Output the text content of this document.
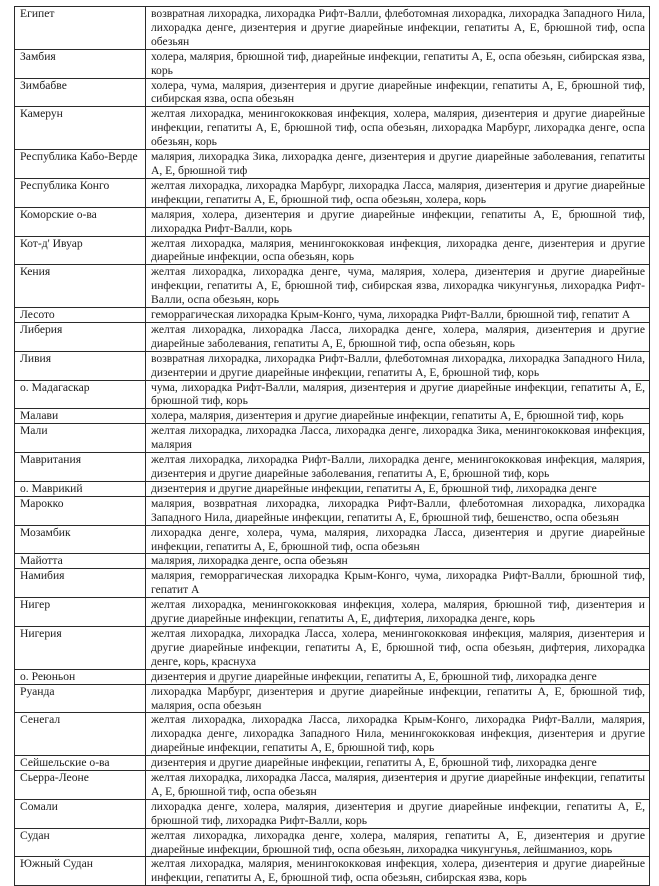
Египет	возвратная лихорадка, лихорадка Рифт-Валли, флеботомная лихорадка, лихорадка Западного Нила, лихорадка денге, дизентерия и другие диарейные инфекции, гепатиты А, Е, брюшной тиф, оспа обезьян
Замбия	холера, малярия, брюшной тиф, диарейные инфекции, гепатиты А, Е, оспа обезьян, сибирская язва, корь
Зимбабве	холера, чума, малярия, дизентерия и другие диарейные инфекции, гепатиты А, Е, брюшной тиф, сибирская язва, оспа обезьян
Камерун	желтая лихорадка, менингококковая инфекция, холера, малярия, дизентерия и другие диарейные инфекции, гепатиты А, Е, брюшной тиф, оспа обезьян, лихорадка Марбург, лихорадка денге, оспа обезьян, корь
Республика Кабо-Верде	малярия, лихорадка Зика, лихорадка денге, дизентерия и другие диарейные заболевания, гепатиты А, Е, брюшной тиф
Республика Конго	желтая лихорадка, лихорадка Марбург, лихорадка Ласса, малярия, дизентерия и другие диарейные инфекции, гепатиты А, Е, брюшной тиф, оспа обезьян, холера, корь
Коморские о-ва	малярия, холера, дизентерия и другие диарейные инфекции, гепатиты А, Е, брюшной тиф, лихорадка Рифт-Валли, корь
Кот-д' Ивуар	желтая лихорадка, малярия, менингококковая инфекция, лихорадка денге, дизентерия и другие диарейные инфекции, оспа обезьян, корь
Кения	желтая лихорадка, лихорадка денге, чума, малярия, холера, дизентерия и другие диарейные инфекции, гепатиты А, Е, брюшной тиф, сибирская язва, лихорадка чикунгунья, лихорадка Рифт-Валли, оспа обезьян, корь
Лесото	геморрагическая лихорадка Крым-Конго, чума, лихорадка Рифт-Валли, брюшной тиф, гепатит А
Либерия	желтая лихорадка, лихорадка Ласса, лихорадка денге, холера, малярия, дизентерия и другие диарейные заболевания, гепатиты А, Е, брюшной тиф, оспа обезьян, корь
Ливия	возвратная лихорадка, лихорадка Рифт-Валли, флеботомная лихорадка, лихорадка Западного Нила, дизентерии и другие диарейные инфекции, гепатиты А, Е, брюшной тиф, корь
о. Мадагаскар	чума, лихорадка Рифт-Валли, малярия, дизентерия и другие диарейные инфекции, гепатиты А, Е, брюшной тиф, корь
Малави	холера, малярия, дизентерия и другие диарейные инфекции, гепатиты А, Е, брюшной тиф, корь
Мали	желтая лихорадка, лихорадка Ласса, лихорадка денге, лихорадка Зика, менингококковая инфекция, малярия
Мавритания	желтая лихорадка, лихорадка Рифт-Валли, лихорадка денге, менингококковая инфекция, малярия, дизентерия и другие диарейные заболевания, гепатиты А, Е, брюшной тиф, корь
о. Маврикий	дизентерия и другие диарейные инфекции, гепатиты А, Е, брюшной тиф, лихорадка денге
Марокко	малярия, возвратная лихорадка, лихорадка Рифт-Валли, флеботомная лихорадка, лихорадка Западного Нила, диарейные инфекции, гепатиты А, Е, брюшной тиф, бешенство, оспа обезьян
Мозамбик	лихорадка денге, холера, чума, малярия, лихорадка Ласса, дизентерия и другие диарейные инфекции, гепатиты А, Е, брюшной тиф, оспа обезьян
Майотта	малярия, лихорадка денге, оспа обезьян
Намибия	малярия, геморрагическая лихорадка Крым-Конго, чума, лихорадка Рифт-Валли, брюшной тиф, гепатит А
Нигер	желтая лихорадка, менингококковая инфекция, холера, малярия, брюшной тиф, дизентерия и другие диарейные инфекции, гепатиты А, Е, дифтерия, лихорадка денге, корь
Нигерия	желтая лихорадка, лихорадка Ласса, холера, менингококковая инфекция, малярия, дизентерия и другие диарейные инфекции, гепатиты А, Е, брюшной тиф, оспа обезьян, дифтерия, лихорадка денге, корь, краснуха
о. Реюньон	дизентерия и другие диарейные инфекции, гепатиты А, Е, брюшной тиф, лихорадка денге
Руанда	лихорадка Марбург, дизентерия и другие диарейные инфекции, гепатиты А, Е, брюшной тиф, малярия, оспа обезьян
Сенегал	желтая лихорадка, лихорадка Ласса, лихорадка Крым-Конго, лихорадка Рифт-Валли, малярия, лихорадка денге, лихорадка Западного Нила, менингококковая инфекция, дизентерия и другие диарейные инфекции, гепатиты А, Е, брюшной тиф, корь
Сейшельские о-ва	дизентерия и другие диарейные инфекции, гепатиты А, Е, брюшной тиф, лихорадка денге
Сьерра-Леоне	желтая лихорадка, лихорадка Ласса, малярия, дизентерия и другие диарейные инфекции, гепатиты А, Е, брюшной тиф, оспа обезьян
Сомали	лихорадка денге, холера, малярия, дизентерия и другие диарейные инфекции, гепатиты А, Е, брюшной тиф, лихорадка Рифт-Валли, корь
Судан	желтая лихорадка, лихорадка денге, холера, малярия, гепатиты А, Е, дизентерия и другие диарейные инфекции, брюшной тиф, оспа обезьян, лихорадка чикунгунья, лейшманиоз, корь
Южный Судан	желтая лихорадка, малярия, менингококковая инфекция, холера, дизентерия и другие диарейные инфекции, гепатиты А, Е, брюшной тиф, оспа обезьян, сибирская язва, корь
